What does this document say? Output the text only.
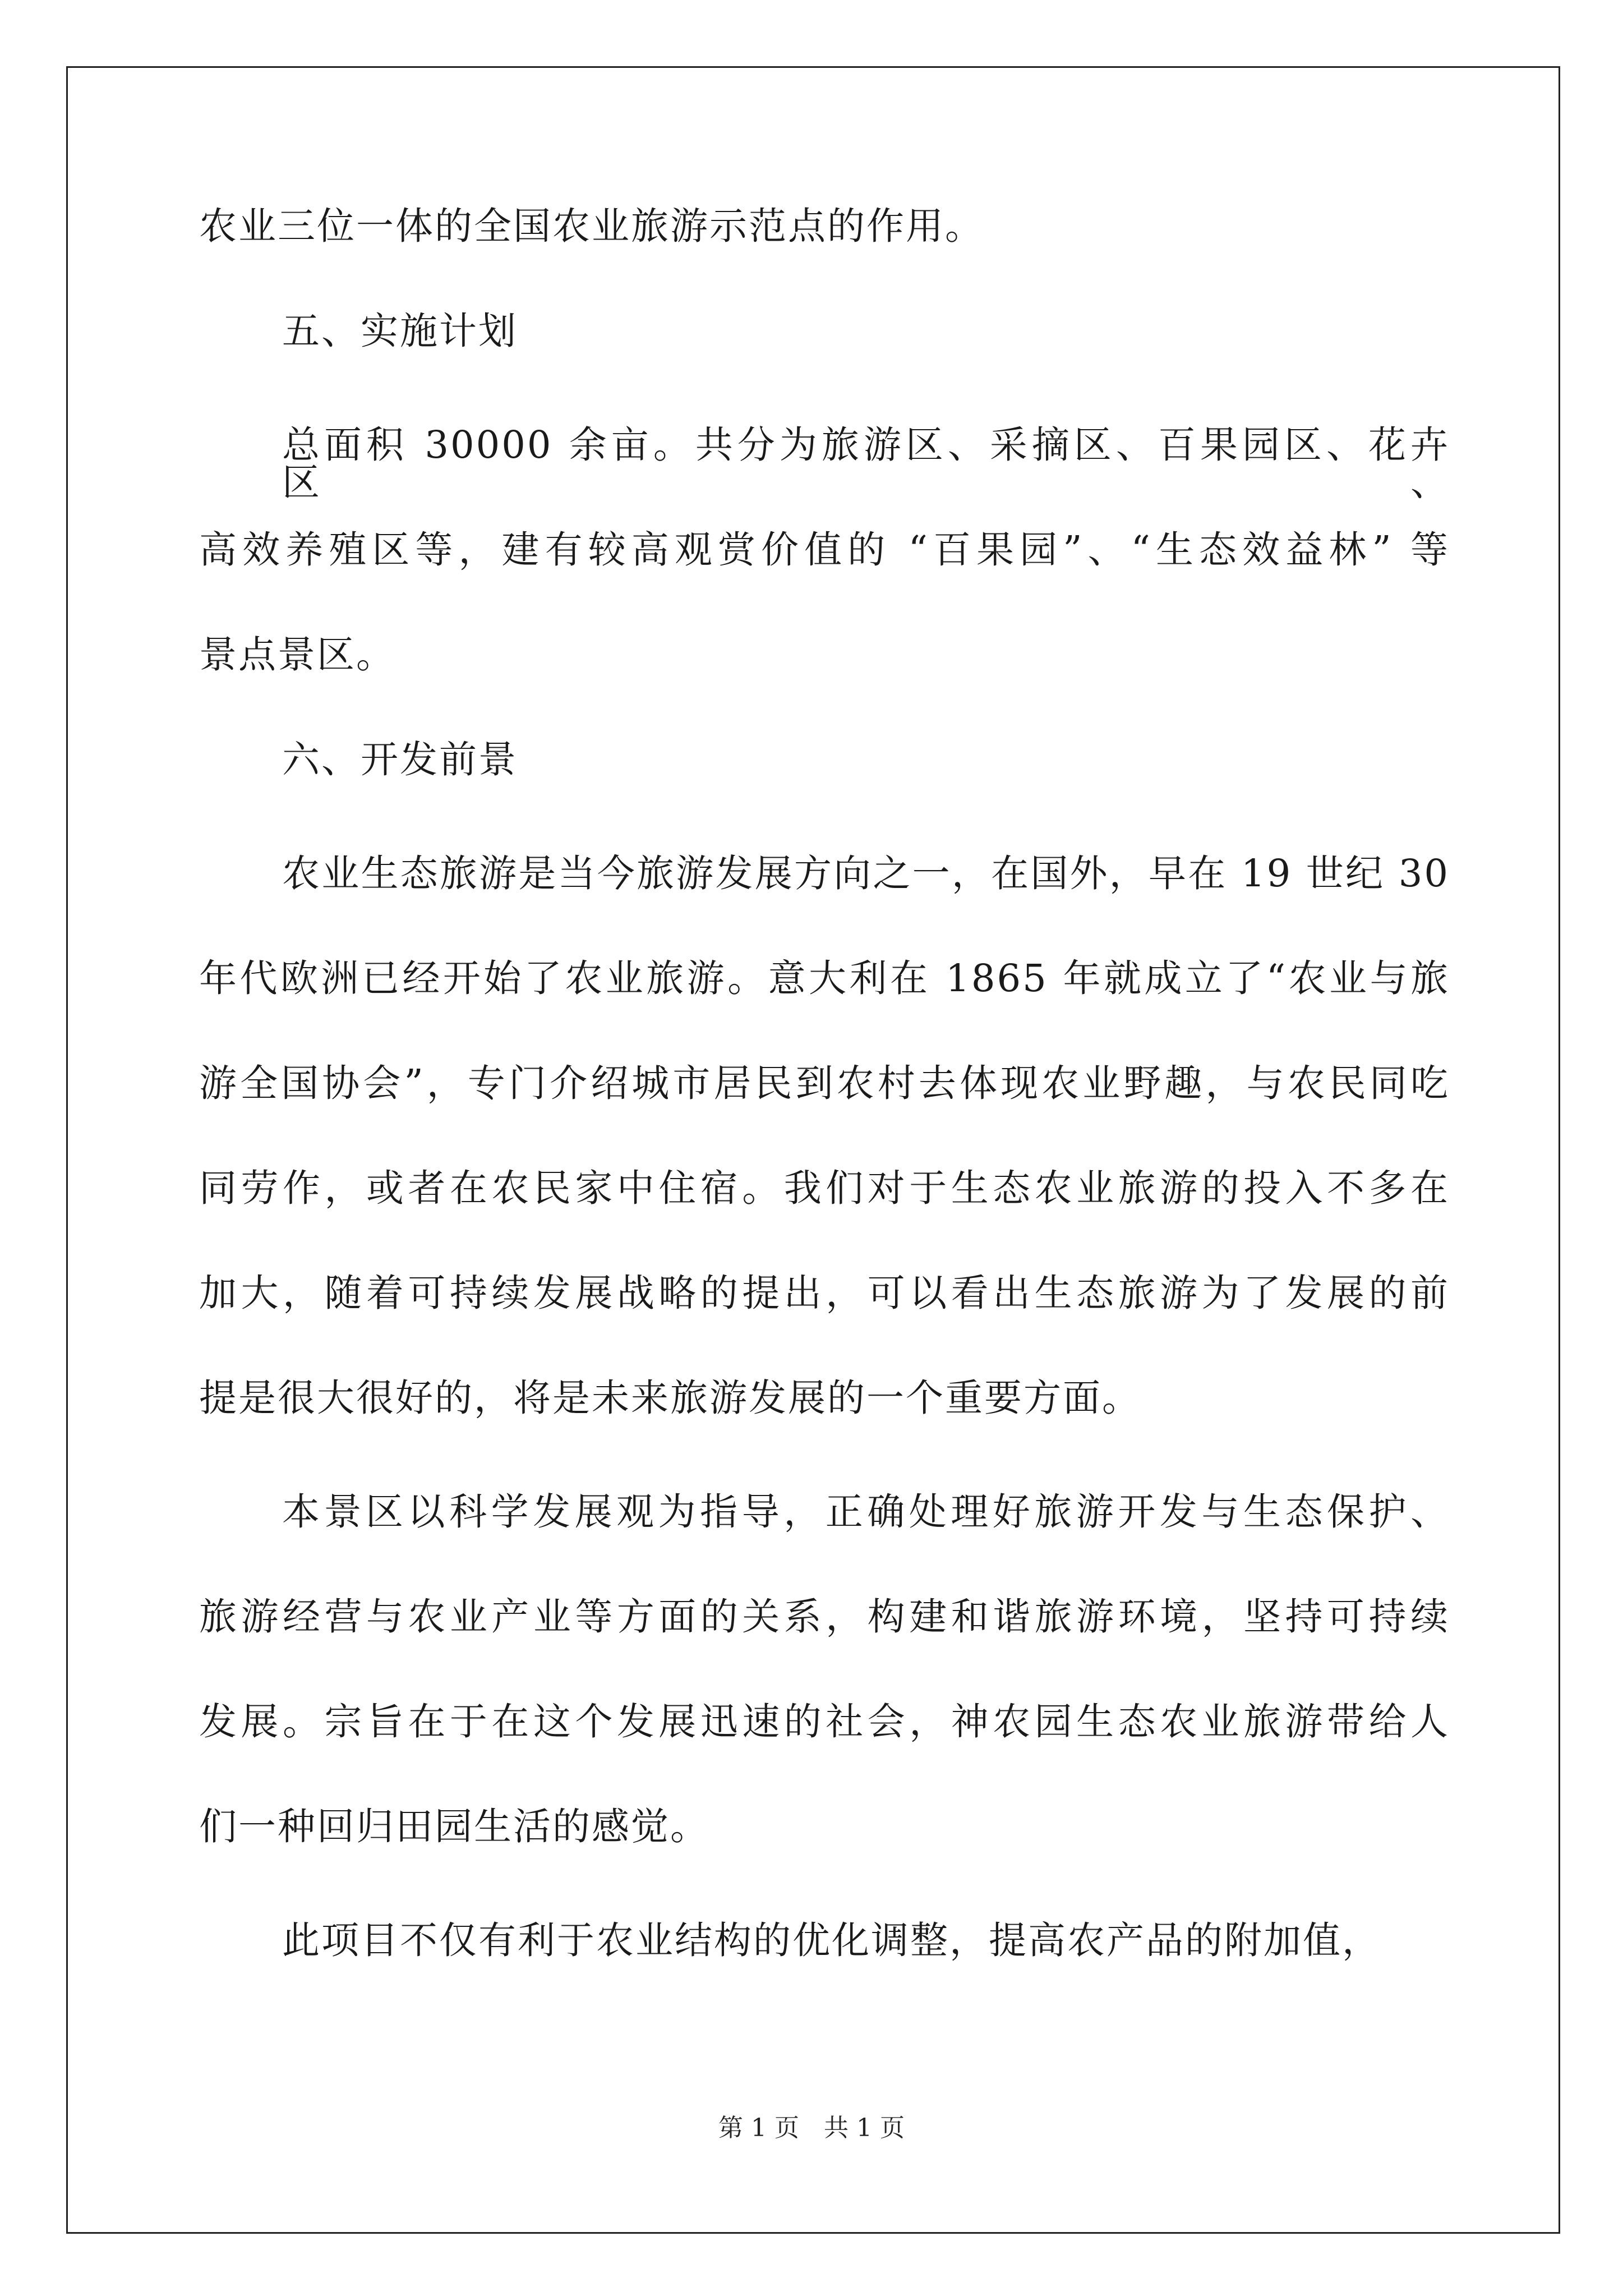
农业三位一体的全国农业旅游示范点的作用。

五、实施计划

总面积 30000 余亩。共分为旅游区、采摘区、百果园区、花卉区、

高效养殖区等，建有较高观赏价值的 “百果园”、“生态效益林” 等

景点景区。

六、开发前景

农业生态旅游是当今旅游发展方向之一，在国外，早在 19 世纪 30

年代欧洲已经开始了农业旅游。意大利在 1865 年就成立了“农业与旅

游全国协会”，专门介绍城市居民到农村去体现农业野趣，与农民同吃

同劳作，或者在农民家中住宿。我们对于生态农业旅游的投入不多在

加大，随着可持续发展战略的提出，可以看出生态旅游为了发展的前

提是很大很好的，将是未来旅游发展的一个重要方面。

本景区以科学发展观为指导，正确处理好旅游开发与生态保护、

旅游经营与农业产业等方面的关系，构建和谐旅游环境，坚持可持续

发展。宗旨在于在这个发展迅速的社会，神农园生态农业旅游带给人

们一种回归田园生活的感觉。

此项目不仅有利于农业结构的优化调整，提高农产品的附加值，

第 1 页　共 1 页
